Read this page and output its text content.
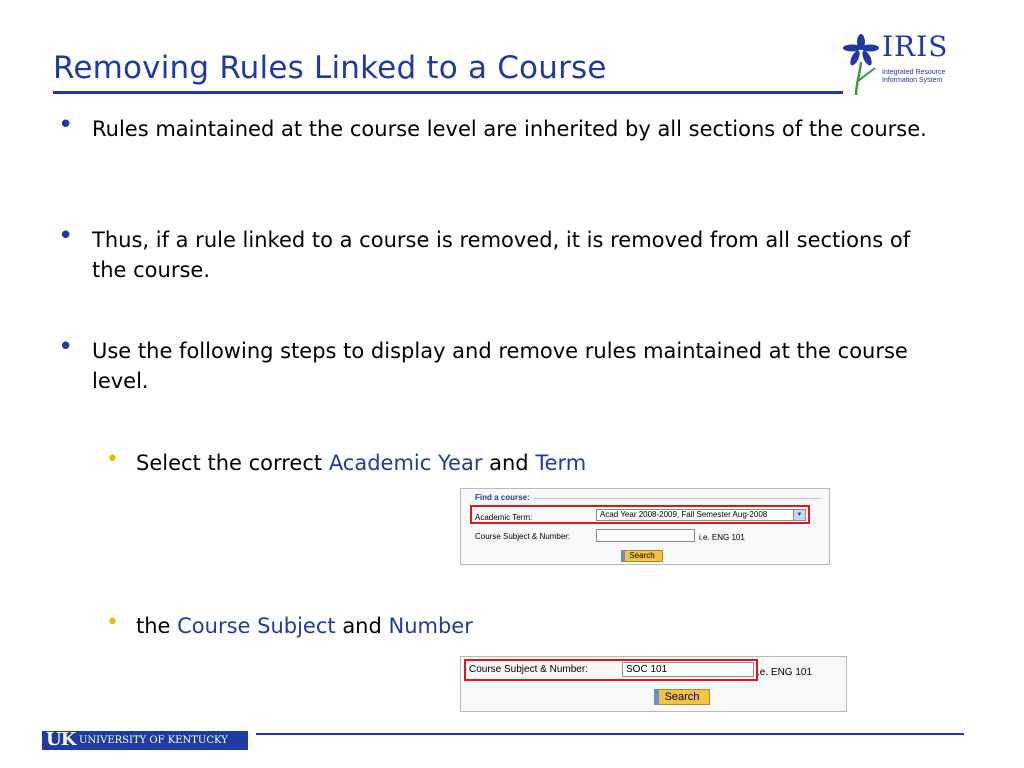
Removing Rules Linked to a Course
IRIS
Integrated Resource
Information System
• Rules maintained at the course level are inherited by all sections of the course.
• Thus, if a rule linked to a course is removed, it is removed from all sections of the course.
• Use the following steps to display and remove rules maintained at the course level.
• Select the correct Academic Year and Term
Find a course:
Academic Term:	Acad Year 2008-2009, Fall Semester Aug-2008	▼
Course Subject & Number:	i.e. ENG 101
Search
• the Course Subject and Number
Course Subject & Number:	SOC 101	.e. ENG 101
Search
UK UNIVERSITY OF KENTUCKY
